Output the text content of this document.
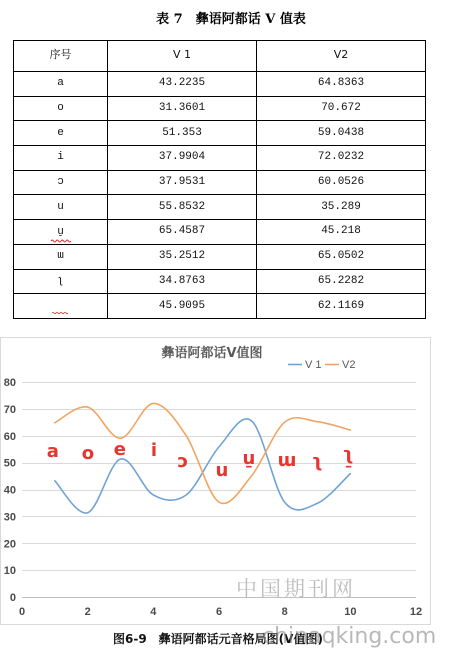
表 7　彝语阿都话 V 值表
序号	V 1	V2
a	43.2235	64.8363
o	31.3601	70.672
e	51.353	59.0438
i	37.9904	72.0232
ɔ	37.9531	60.0526
u	55.8532	35.289
u̱	65.4587	45.218
ɯ	35.2512	65.0502
ʅ	34.8763	65.2282

	45.9095	62.1169
0
10
20
30
40
50
60
70
80
0	2	4	6	8	10	12
彝语阿都话V值图
V 1 V2
a o e i
ɔ u
u̱ ɯ ʅ ʅ̱
中国期刊网
图6-9　彝语阿都话元音格局图(V值图)
chinaqking.com
